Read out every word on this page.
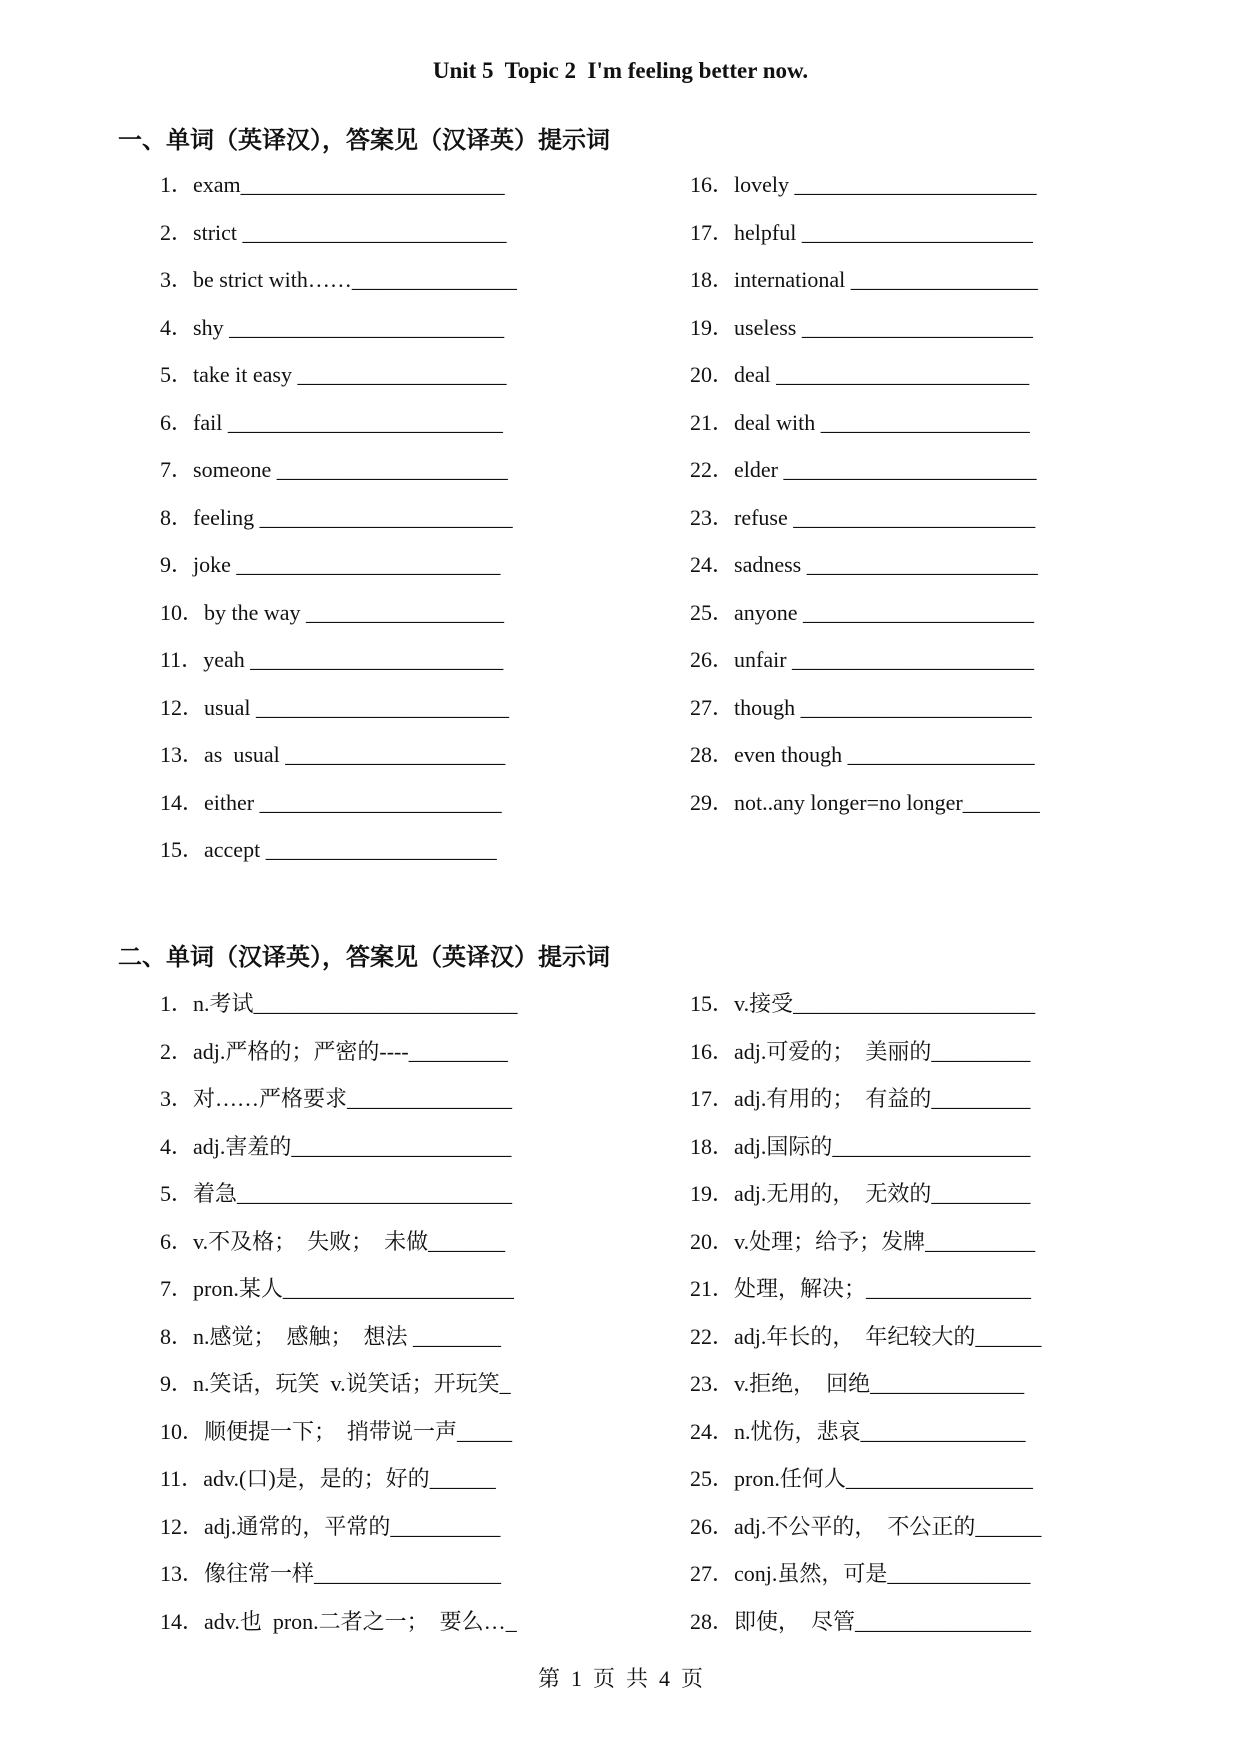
Unit 5  Topic 2  I'm feeling better now.
一、单词（英译汉），答案见（汉译英）提示词
1． exam ________________________
2． strict ________________________
3． be strict with…… _______________
4． shy _________________________
5． take it easy ___________________
6． fail _________________________
7． someone _____________________
8． feeling _______________________
9． joke ________________________
10． by the way __________________
11． yeah _______________________
12． usual _______________________
13． as  usual ____________________
14． either ______________________
15． accept _____________________
16． lovely ______________________
17． helpful _____________________
18． international _________________
19． useless _____________________
20． deal _______________________
21． deal with ___________________
22． elder _______________________
23． refuse ______________________
24． sadness _____________________
25． anyone _____________________
26． unfair ______________________
27． though _____________________
28． even though _________________
29． not..any longer=no longer _______
二、单词（汉译英），答案见（英译汉）提示词
1． n.考试 ________________________
2． adj.严格的；严密的---- _________
3． 对……严格要求 _______________
4． adj.害羞的 ____________________
5． 着急 _________________________
6． v.不及格；  失败；  未做 _______
7． pron.某人 _____________________
8． n.感觉；  感触；  想法 ________
9． n.笑话，玩笑  v.说笑话；开玩笑 _
10． 顺便提一下；  捎带说一声 _____
11． adv.(口)是，是的；好的 ______
12． adj.通常的，平常的 __________
13． 像往常一样 _________________
14． adv.也  pron.二者之一；  要么… _
15． v.接受 ______________________
16． adj.可爱的；  美丽的 _________
17． adj.有用的；  有益的 _________
18． adj.国际的 __________________
19． adj.无用的，  无效的 _________
20． v.处理；给予；发牌 __________
21． 处理，解决； _______________
22． adj.年长的，  年纪较大的 ______
23． v.拒绝，  回绝 ______________
24． n.忧伤，悲哀 _______________
25． pron.任何人 _________________
26． adj.不公平的，  不公正的 ______
27． conj.虽然，可是 _____________
28． 即使，  尽管 ________________
第  1  页  共  4  页
